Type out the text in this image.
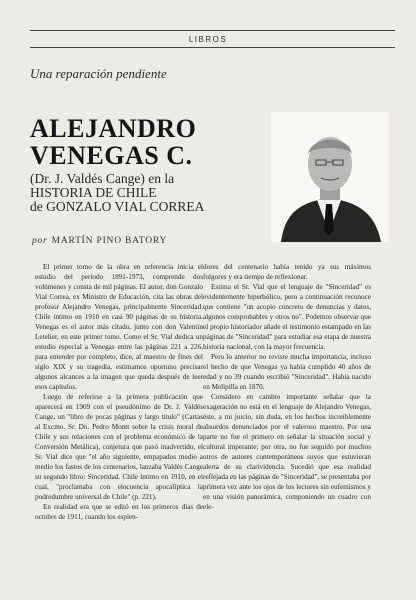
LIBROS
Una reparación pendiente
ALEJANDRO
VENEGAS C.
(Dr. J. Valdés Cange) en la
HISTORIA DE CHILE
de GONZALO VIAL CORREA
por MARTÍN PINO BATORY

El primer tomo de la obra en referencia inicia el estudio del período 1891-1973, comprende dos volúmenes y consta de mil páginas. El autor, don Gonzalo Vial Correa, ex Ministro de Educación, cita las obras del profesor Alejandro Venegas, principalmente Sinceridad. Chile íntimo en 1910 en casi 90 páginas de su historia. Venegas es el autor más citado, junto con don Valentín Letelier, en este primer tomo. Como el Sr. Vial dedica un estudio especial a Venegas entre las páginas 221 a 226, para entender por completo, dice, al maestro de fines del siglo XIX y su tragedia, estimamos oportuno precisar algunos alcances a la imagen que queda después de leer esos capítulos.

Luego de referirse a la primera publicación que aparecerá en 1909 con el pseudónimo de Dr. J. Valdés Cange, un "libro de pocas páginas y largo título" (Cartas al Excmo. Sr. Dn. Pedro Montt sobre la crisis moral de Chile y sus relaciones con el problema económico de la Conversión Metálica), conjetura que pasó inadvertido, el Sr. Vial dice que "el año siguiente, empapados medio a medio los fastos de los centenarios, lanzaba Valdés Cange su segundo libro: Sinceridad. Chile íntimo en 1910, en el cual, "proclamaba con elocuencia apocalíptica la podredumbre universal de Chile" (p. 221).

En realidad era que se editó en los primeros días de octubre de 1911, cuando los esplen-

dores del centenario había tenido ya sus máximos fulgores y era tiempo de reflexionar.

Estima el Sr. Vial que el lenguaje de "Sinceridad" es evidentemente hiperbólico, pero a continuación reconoce que contiene "un acopio concreto de denuncias y datos, algunos comprobables y otros no". Podemos observar que el propio historiador añade el testimonio estampado en las páginas de "Sinceridad" para estudiar esa etapa de nuestra historia nacional, con la mayor frecuencia.

Pero lo anterior no reviste mucha importancia, incluso el hecho de que Venegas ya había cumplido 40 años de edad y no 39 cuando escribió "Sinceridad". Había nacido en Melipilla en 1870.

Considero en cambio importante señalar que la exageración no está en el lenguaje de Alejandro Venegas, éste, a mi juicio, sin duda, en los hechos increíblemente absurdos denunciados por el valeroso maestro. Por una parte no fue el primero en señalar la situación social y cultural imperante; por otra, no fue seguido por muchos otros de autores contemporáneos suyos que estuvieran alerta de su clarividencia. Sucedió que esa realidad reflejada en las páginas de "Sinceridad", se presentaba por primera vez ante los ojos de los lectores sin eufemismos y en una visión panorámica, componiendo un cuadro con ele-
